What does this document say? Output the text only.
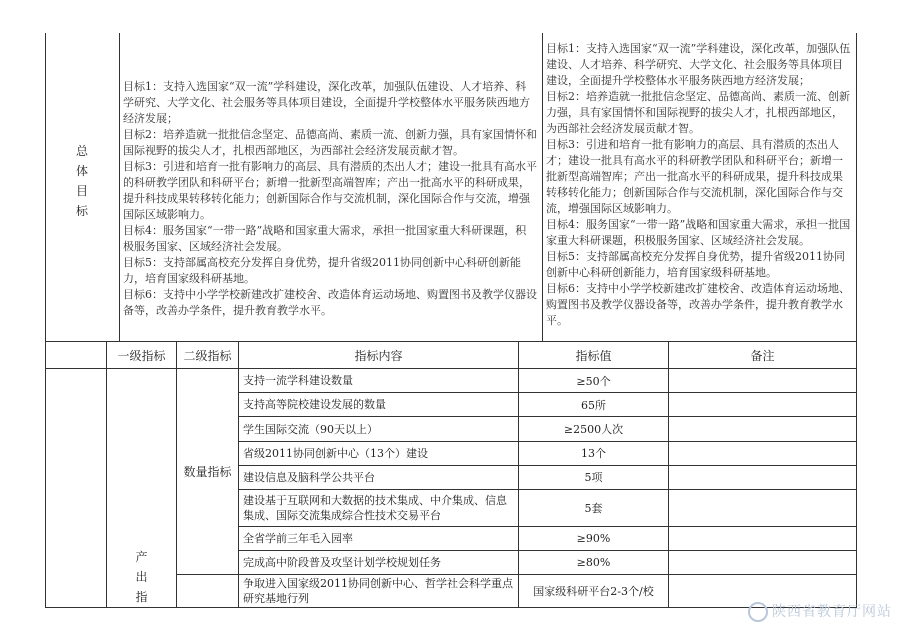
总体目标
目标1：支持入选国家“双一流”学科建设，深化改革，加强队伍建设、人才培养、科学研究、大学文化、社会服务等具体项目建设，全面提升学校整体水平服务陕西地方经济发展；
目标2：培养造就一批批信念坚定、品德高尚、素质一流、创新力强，具有家国情怀和国际视野的拔尖人才，扎根西部地区，为西部社会经济发展贡献才智。
目标3：引进和培育一批有影响力的高层、具有潜质的杰出人才；建设一批具有高水平的科研教学团队和科研平台；新增一批新型高端智库；产出一批高水平的科研成果，提升科技成果转移转化能力；创新国际合作与交流机制，深化国际合作与交流，增强国际区域影响力。
目标4：服务国家“一带一路”战略和国家重大需求，承担一批国家重大科研课题，积极服务国家、区域经济社会发展。
目标5：支持部属高校充分发挥自身优势，提升省级2011协同创新中心科研创新能力，培育国家级科研基地。
目标6：支持中小学学校新建改扩建校舍、改造体育运动场地、购置图书及教学仪器设备等，改善办学条件，提升教育教学水平。
目标1：支持入选国家“双一流”学科建设，深化改革，加强队伍建设、人才培养、科学研究、大学文化、社会服务等具体项目建设，全面提升学校整体水平服务陕西地方经济发展；
目标2：培养造就一批批信念坚定、品德高尚、素质一流、创新力强，具有家国情怀和国际视野的拔尖人才，扎根西部地区，为西部社会经济发展贡献才智。
目标3：引进和培育一批有影响力的高层、具有潜质的杰出人才；建设一批具有高水平的科研教学团队和科研平台；新增一批新型高端智库；产出一批高水平的科研成果，提升科技成果转移转化能力；创新国际合作与交流机制，深化国际合作与交流，增强国际区域影响力。
目标4：服务国家“一带一路”战略和国家重大需求，承担一批国家重大科研课题，积极服务国家、区域经济社会发展。
目标5：支持部属高校充分发挥自身优势，提升省级2011协同创新中心科研创新能力，培育国家级科研基地。
目标6：支持中小学学校新建改扩建校舍、改造体育运动场地、购置图书及教学仪器设备等，改善办学条件，提升教育教学水平。
	一级指标	二级指标	指标内容	指标值	备注
	产出指	数量指标	支持一流学科建设数量	≥50个	
			支持高等院校建设发展的数量	65所	
			学生国际交流（90天以上）	≥2500人次	
			省级2011协同创新中心（13个）建设	13个	
			建设信息及脑科学公共平台	5项	
			建设基于互联网和大数据的技术集成、中介集成、信息集成、国际交流集成综合性技术交易平台	5套	
			全省学前三年毛入园率	≥90%	
			完成高中阶段普及攻坚计划学校规划任务	≥80%	
			争取进入国家级2011协同创新中心、哲学社会科学重点研究基地行列	国家级科研平台2-3个/校	
陕西省教育厅网站
